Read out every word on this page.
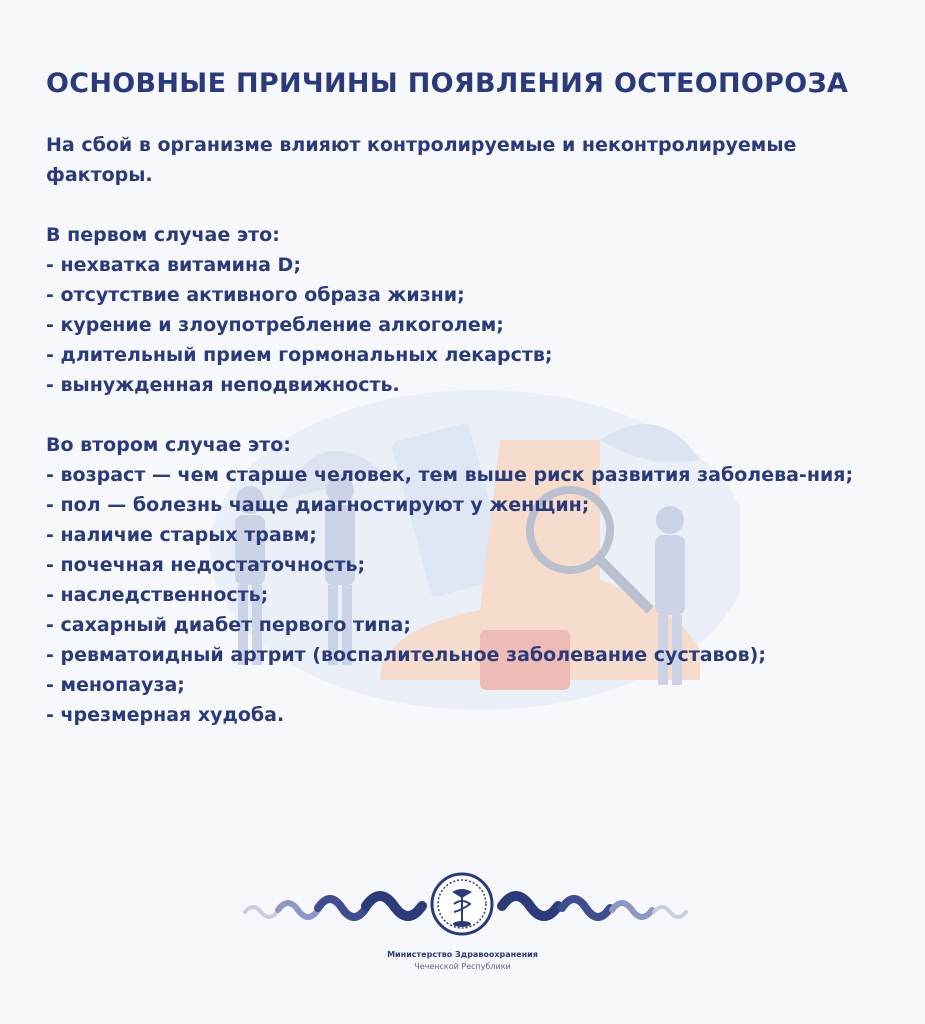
ОСНОВНЫЕ ПРИЧИНЫ ПОЯВЛЕНИЯ ОСТЕОПОРОЗА

На сбой в организме влияют контролируемые и неконтролируемые факторы.

В первом случае это:

- нехватка витамина D;
- отсутствие активного образа жизни;
- курение и злоупотребление алкоголем;
- длительный прием гормональных лекарств;
- вынужденная неподвижность.

Во втором случае это:

- возраст — чем старше человек, тем выше риск развития заболева-ния;
- пол — болезнь чаще диагностируют у женщин;
- наличие старых травм;
- почечная недостаточность;
- наследственность;
- сахарный диабет первого типа;
- ревматоидный артрит (воспалительное заболевание суставов);
- менопауза;
- чрезмерная худоба.
Министерство Здравоохранения
Чеченской Республики
